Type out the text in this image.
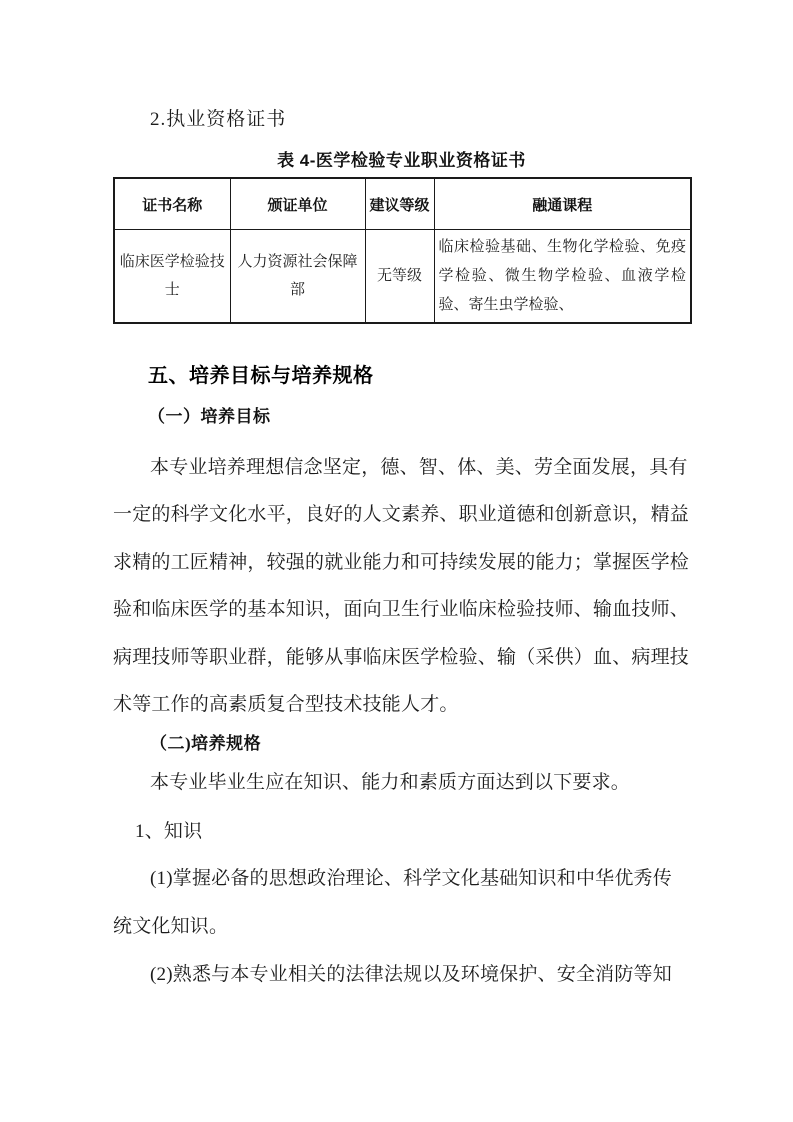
2.执业资格证书
表 4-医学检验专业职业资格证书
证书名称	颁证单位	建议等级	融通课程
临床医学检验技士	人力资源社会保障部	无等级	临床检验基础、生物化学检验、免疫学检验、微生物学检验、血液学检验、寄生虫学检验、
五、培养目标与培养规格
（一）培养目标
本专业培养理想信念坚定，德、智、体、美、劳全面发展，具有
一定的科学文化水平，良好的人文素养、职业道德和创新意识，精益
求精的工匠精神，较强的就业能力和可持续发展的能力；掌握医学检
验和临床医学的基本知识，面向卫生行业临床检验技师、输血技师、
病理技师等职业群，能够从事临床医学检验、输（采供）血、病理技
术等工作的高素质复合型技术技能人才。
（二)培养规格
本专业毕业生应在知识、能力和素质方面达到以下要求。
1、知识
(1)掌握必备的思想政治理论、科学文化基础知识和中华优秀传
统文化知识。
(2)熟悉与本专业相关的法律法规以及环境保护、安全消防等知
